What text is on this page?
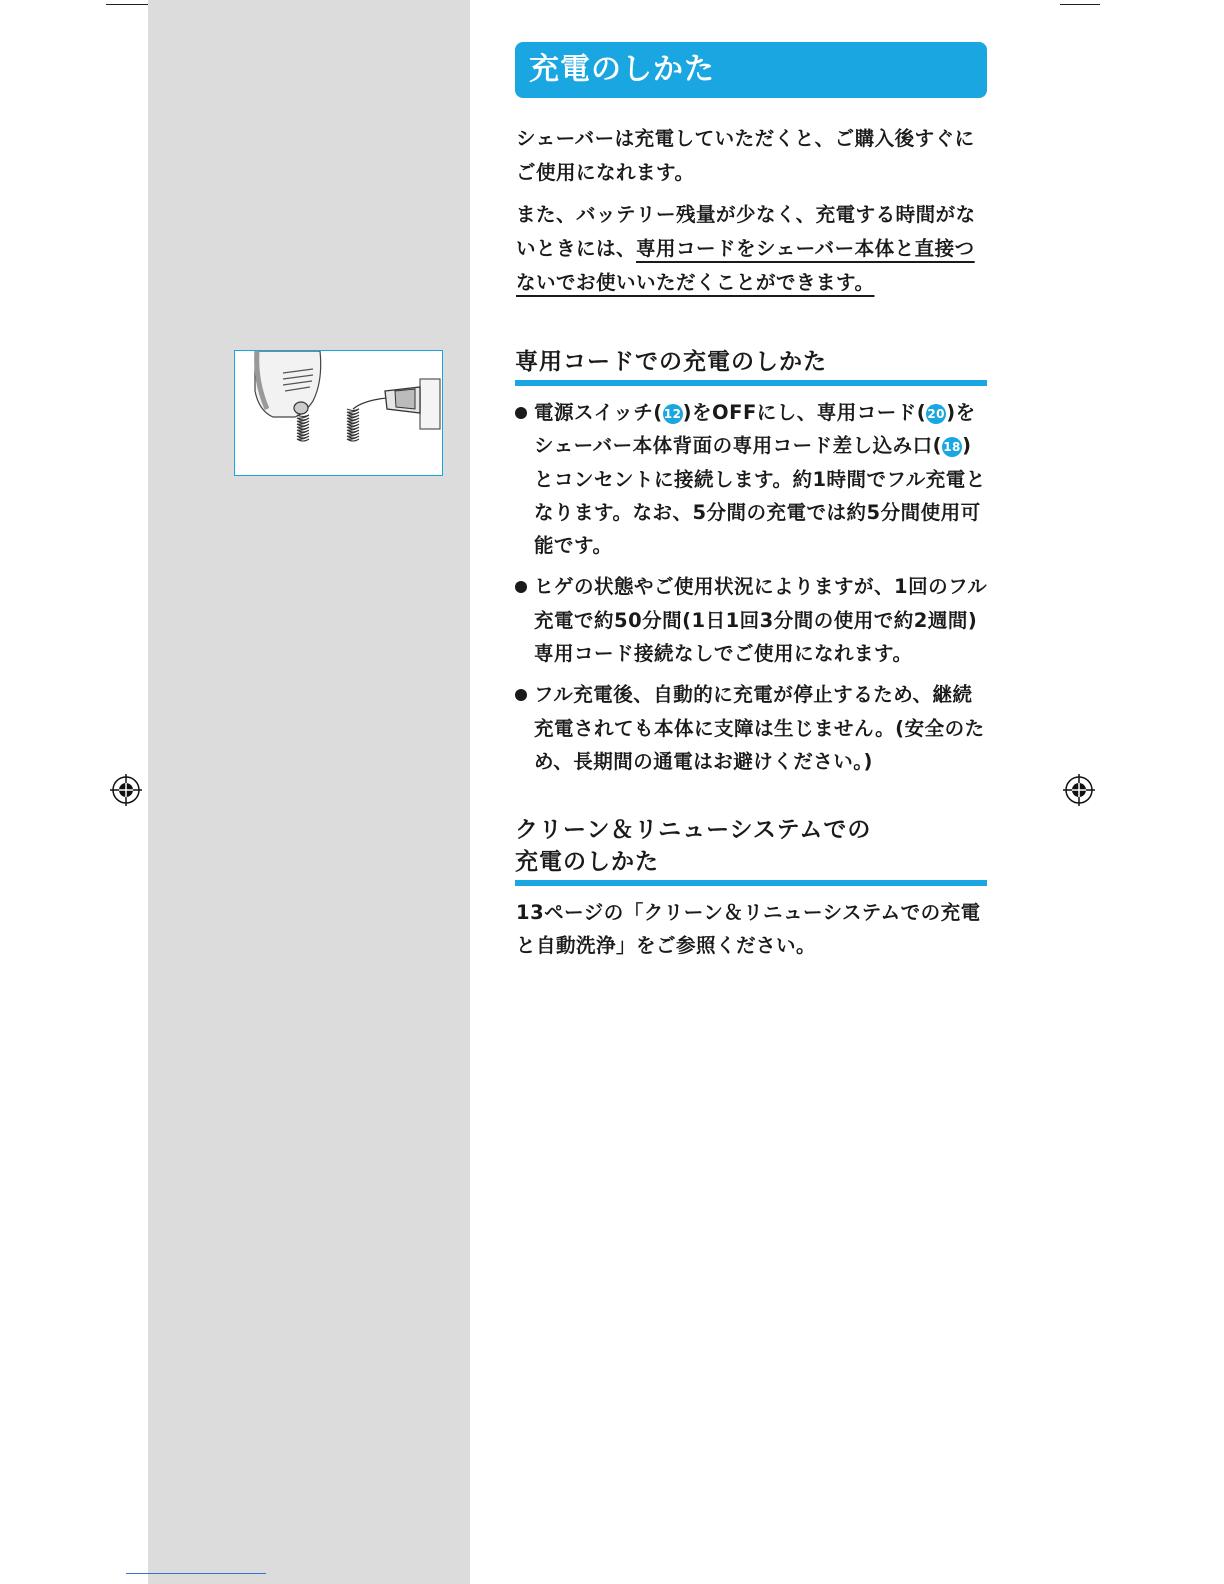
充電のしかた
シェーバーは充電していただくと、ご購入後すぐにご使用になれます。
また、バッテリー残量が少なく、充電する時間がないときには、専用コードをシェーバー本体と直接つないでお使いいただくことができます。
専用コードでの充電のしかた
電源スイッチ(12)をOFFにし、専用コード(20)をシェーバー本体背面の専用コード差し込み口(18)とコンセントに接続します。約1時間でフル充電となります。なお、5分間の充電では約5分間使用可能です。
ヒゲの状態やご使用状況によりますが、1回のフル充電で約50分間(1日1回3分間の使用で約2週間)専用コード接続なしでご使用になれます。
フル充電後、自動的に充電が停止するため、継続充電されても本体に支障は生じません。(安全のため、長期間の通電はお避けください。)
クリーン＆リニューシステムでの
充電のしかた
13ページの「クリーン＆リニューシステムでの充電と自動洗浄」をご参照ください。
